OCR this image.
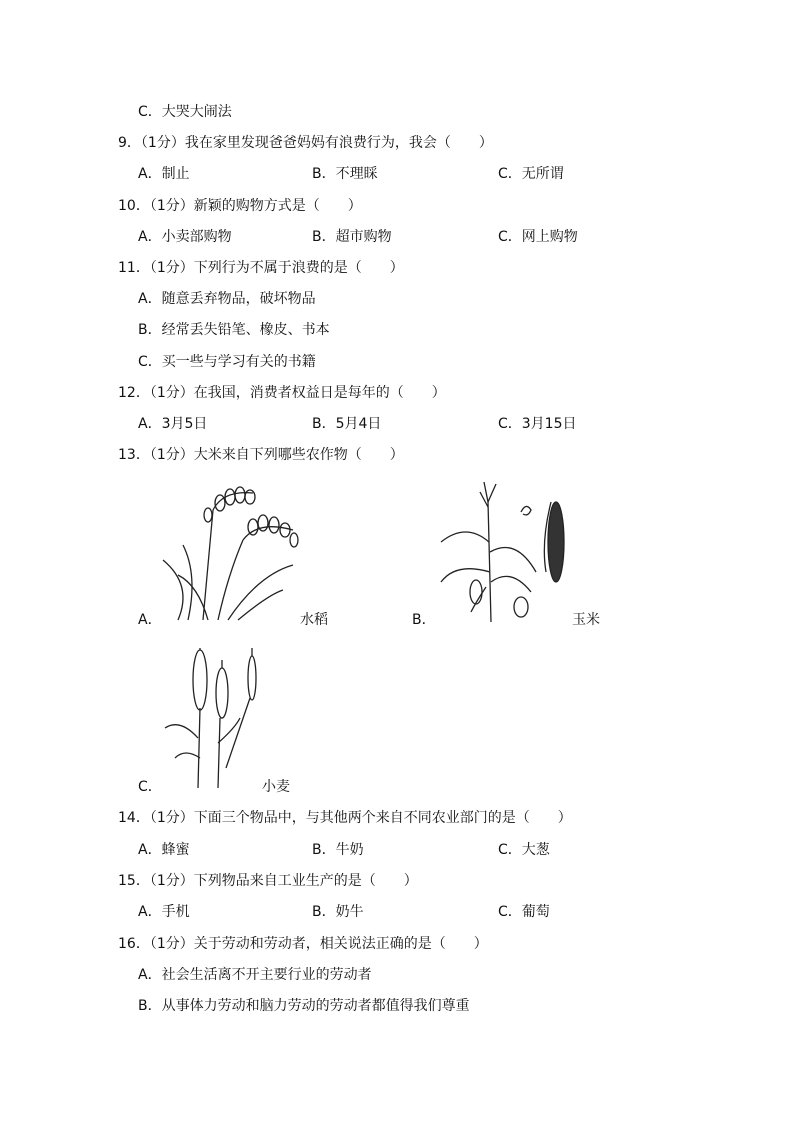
C．大哭大闹法
9．（1分）我在家里发现爸爸妈妈有浪费行为，我会（　　）
A．制止	B．不理睬	C．无所谓
10．（1分）新颖的购物方式是（　　）
A．小卖部购物	B．超市购物	C．网上购物
11．（1分）下列行为不属于浪费的是（　　）
A．随意丢弃物品，破坏物品
B．经常丢失铅笔、橡皮、书本
C．买一些与学习有关的书籍
12．（1分）在我国，消费者权益日是每年的（　　）
A．3月5日	B．5月4日	C．3月15日
13．（1分）大米来自下列哪些农作物（　　）
A．	水稻	B．	玉米
C．	小麦
14．（1分）下面三个物品中，与其他两个来自不同农业部门的是（　　）
A．蜂蜜	B．牛奶	C．大葱
15．（1分）下列物品来自工业生产的是（　　）
A．手机	B．奶牛	C．葡萄
16．（1分）关于劳动和劳动者，相关说法正确的是（　　）
A．社会生活离不开主要行业的劳动者
B．从事体力劳动和脑力劳动的劳动者都值得我们尊重
